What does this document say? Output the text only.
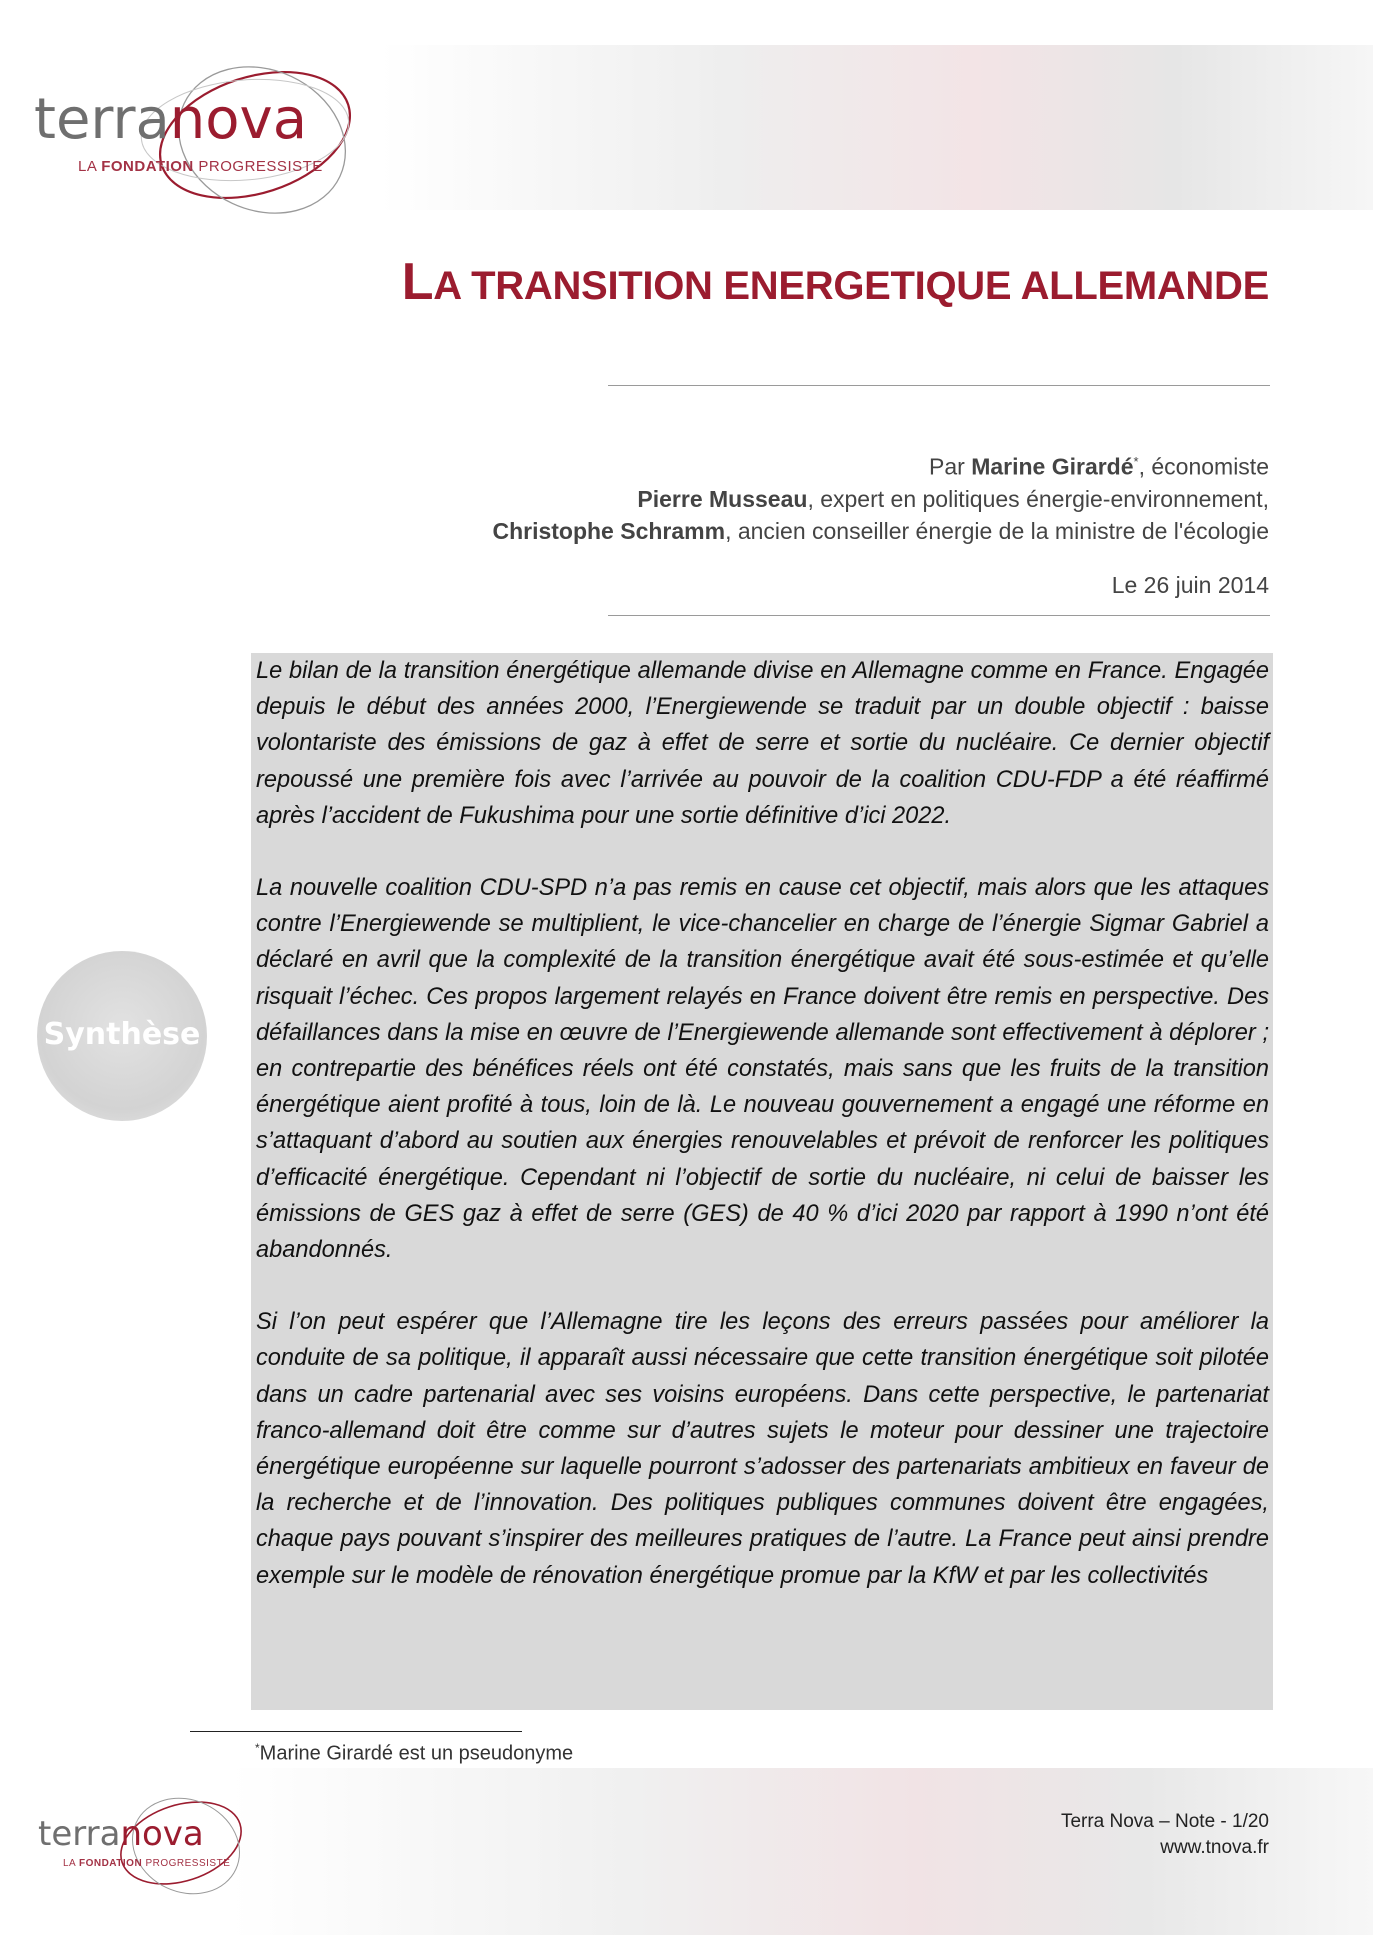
terranova
LA FONDATION PROGRESSISTE
LA TRANSITION ENERGETIQUE ALLEMANDE
Par Marine Girardé*, économiste
Pierre Musseau, expert en politiques énergie-environnement,
Christophe Schramm, ancien conseiller énergie de la ministre de l'écologie
Le 26 juin 2014
Synthèse

Le bilan de la transition énergétique allemande divise en Allemagne comme en France. Engagée depuis le début des années 2000, l’Energiewende se traduit par un double objectif : baisse volontariste des émissions de gaz à effet de serre et sortie du nucléaire. Ce dernier objectif repoussé une première fois avec l’arrivée au pouvoir de la coalition CDU-FDP a été réaffirmé après l’accident de Fukushima pour une sortie définitive d’ici 2022.

La nouvelle coalition CDU-SPD n’a pas remis en cause cet objectif, mais alors que les attaques contre l’Energiewende se multiplient, le vice-chancelier en charge de l’énergie Sigmar Gabriel a déclaré en avril que la complexité de la transition énergétique avait été sous-estimée et qu’elle risquait l’échec. Ces propos largement relayés en France doivent être remis en perspective. Des défaillances dans la mise en œuvre de l’Energiewende allemande sont effectivement à déplorer ; en contrepartie des bénéfices réels ont été constatés, mais sans que les fruits de la transition énergétique aient profité à tous, loin de là. Le nouveau gouvernement a engagé une réforme en s’attaquant d’abord au soutien aux énergies renouvelables et prévoit de renforcer les politiques d’efficacité énergétique. Cependant ni l’objectif de sortie du nucléaire, ni celui de baisser les émissions de GES gaz à effet de serre (GES) de 40 % d’ici 2020 par rapport à 1990 n’ont été abandonnés.

Si l’on peut espérer que l’Allemagne tire les leçons des erreurs passées pour améliorer la conduite de sa politique, il apparaît aussi nécessaire que cette transition énergétique soit pilotée dans un cadre partenarial avec ses voisins européens. Dans cette perspective, le partenariat franco-allemand doit être comme sur d’autres sujets le moteur pour dessiner une trajectoire énergétique européenne sur laquelle pourront s’adosser des partenariats ambitieux en faveur de la recherche et de l’innovation. Des politiques publiques communes doivent être engagées, chaque pays pouvant s’inspirer des meilleures pratiques de l’autre. La France peut ainsi prendre exemple sur le modèle de rénovation énergétique promue par la KfW et par les collectivités

*Marine Girardé est un pseudonyme
terranova
LA FONDATION PROGRESSISTE
Terra Nova – Note - 1/20
www.tnova.fr
